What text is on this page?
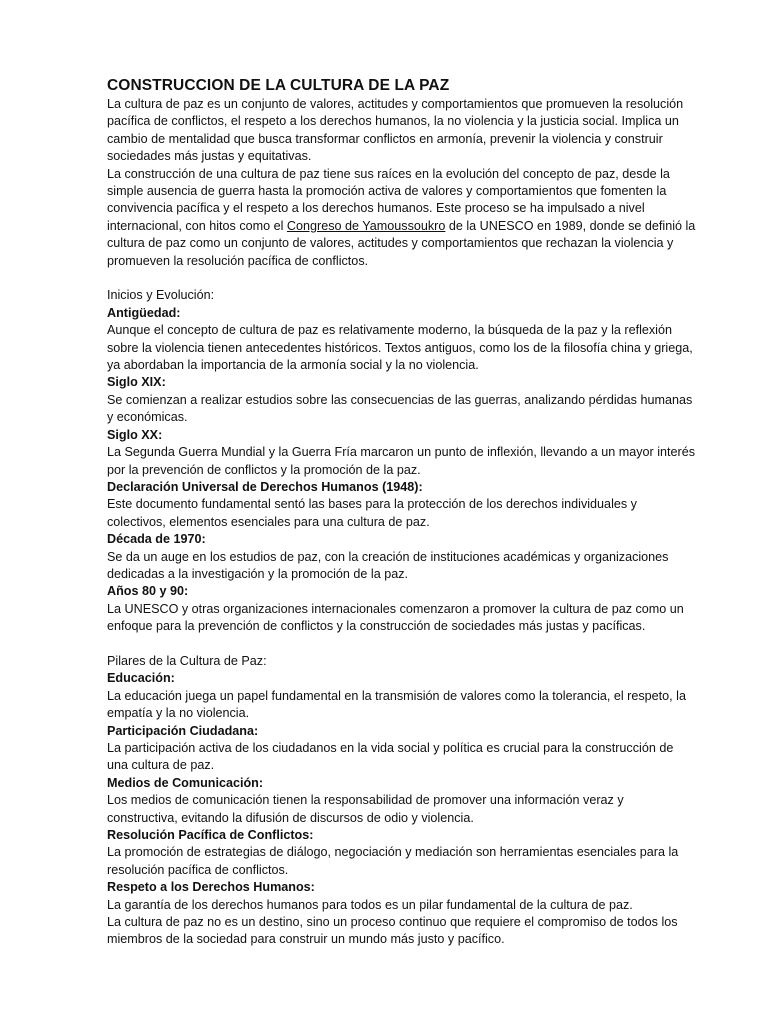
CONSTRUCCION DE LA CULTURA DE LA PAZ

La cultura de paz es un conjunto de valores, actitudes y comportamientos que promueven la resolución pacífica de conflictos, el respeto a los derechos humanos, la no violencia y la justicia social. Implica un cambio de mentalidad que busca transformar conflictos en armonía, prevenir la violencia y construir sociedades más justas y equitativas.

La construcción de una cultura de paz tiene sus raíces en la evolución del concepto de paz, desde la simple ausencia de guerra hasta la promoción activa de valores y comportamientos que fomenten la convivencia pacífica y el respeto a los derechos humanos. Este proceso se ha impulsado a nivel internacional, con hitos como el Congreso de Yamoussoukro de la UNESCO en 1989, donde se definió la cultura de paz como un conjunto de valores, actitudes y comportamientos que rechazan la violencia y promueven la resolución pacífica de conflictos.

Inicios y Evolución:

Antigüedad:

Aunque el concepto de cultura de paz es relativamente moderno, la búsqueda de la paz y la reflexión sobre la violencia tienen antecedentes históricos. Textos antiguos, como los de la filosofía china y griega, ya abordaban la importancia de la armonía social y la no violencia.

Siglo XIX:

Se comienzan a realizar estudios sobre las consecuencias de las guerras, analizando pérdidas humanas y económicas.

Siglo XX:

La Segunda Guerra Mundial y la Guerra Fría marcaron un punto de inflexión, llevando a un mayor interés por la prevención de conflictos y la promoción de la paz.

Declaración Universal de Derechos Humanos (1948):

Este documento fundamental sentó las bases para la protección de los derechos individuales y colectivos, elementos esenciales para una cultura de paz.

Década de 1970:

Se da un auge en los estudios de paz, con la creación de instituciones académicas y organizaciones dedicadas a la investigación y la promoción de la paz.

Años 80 y 90:

La UNESCO y otras organizaciones internacionales comenzaron a promover la cultura de paz como un enfoque para la prevención de conflictos y la construcción de sociedades más justas y pacíficas.

Pilares de la Cultura de Paz:

Educación:

La educación juega un papel fundamental en la transmisión de valores como la tolerancia, el respeto, la empatía y la no violencia.

Participación Ciudadana:

La participación activa de los ciudadanos en la vida social y política es crucial para la construcción de una cultura de paz.

Medios de Comunicación:

Los medios de comunicación tienen la responsabilidad de promover una información veraz y constructiva, evitando la difusión de discursos de odio y violencia.

Resolución Pacífica de Conflictos:

La promoción de estrategias de diálogo, negociación y mediación son herramientas esenciales para la resolución pacífica de conflictos.

Respeto a los Derechos Humanos:

La garantía de los derechos humanos para todos es un pilar fundamental de la cultura de paz.

La cultura de paz no es un destino, sino un proceso continuo que requiere el compromiso de todos los miembros de la sociedad para construir un mundo más justo y pacífico.
